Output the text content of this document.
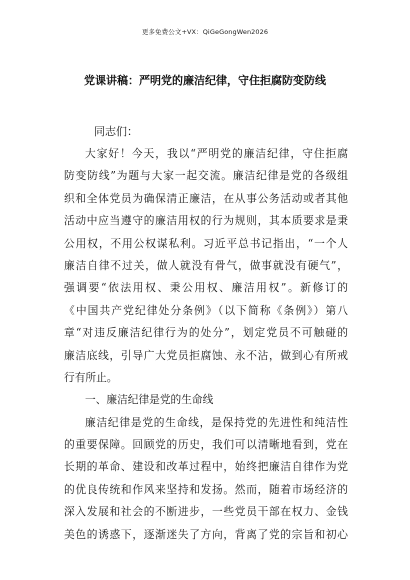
更多免费公文+VX：QiGeGongWen2026
党课讲稿：严明党的廉洁纪律，守住拒腐防变防线
同志们：
大家好！今天，我以“严明党的廉洁纪律，守住拒腐
防变防线”为题与大家一起交流。廉洁纪律是党的各级组
织和全体党员为确保清正廉洁，在从事公务活动或者其他
活动中应当遵守的廉洁用权的行为规则，其本质要求是秉
公用权，不用公权谋私利。习近平总书记指出，“一个人
廉洁自律不过关，做人就没有骨气，做事就没有硬气”，
强调要“依法用权、秉公用权、廉洁用权”。新修订的
《中国共产党纪律处分条例》（以下简称《条例》）第八
章“对违反廉洁纪律行为的处分”，划定党员不可触碰的
廉洁底线，引导广大党员拒腐蚀、永不沾，做到心有所戒
行有所止。
一、廉洁纪律是党的生命线
廉洁纪律是党的生命线，是保持党的先进性和纯洁性
的重要保障。回顾党的历史，我们可以清晰地看到，党在
长期的革命、建设和改革过程中，始终把廉洁自律作为党
的优良传统和作风来坚持和发扬。然而，随着市场经济的
深入发展和社会的不断进步，一些党员干部在权力、金钱
美色的诱惑下，逐渐迷失了方向，背离了党的宗旨和初心
